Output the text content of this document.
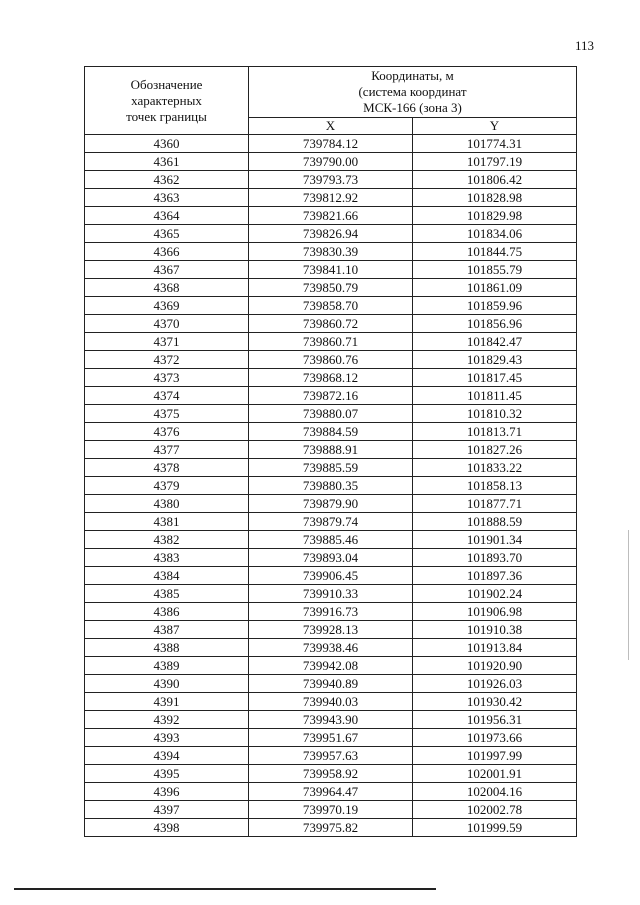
113
Обозначение
характерных
точек границы	Координаты, м
(система координат
МСК-166 (зона 3)	
	X	Y
4360	739784.12	101774.31
4361	739790.00	101797.19
4362	739793.73	101806.42
4363	739812.92	101828.98
4364	739821.66	101829.98
4365	739826.94	101834.06
4366	739830.39	101844.75
4367	739841.10	101855.79
4368	739850.79	101861.09
4369	739858.70	101859.96
4370	739860.72	101856.96
4371	739860.71	101842.47
4372	739860.76	101829.43
4373	739868.12	101817.45
4374	739872.16	101811.45
4375	739880.07	101810.32
4376	739884.59	101813.71
4377	739888.91	101827.26
4378	739885.59	101833.22
4379	739880.35	101858.13
4380	739879.90	101877.71
4381	739879.74	101888.59
4382	739885.46	101901.34
4383	739893.04	101893.70
4384	739906.45	101897.36
4385	739910.33	101902.24
4386	739916.73	101906.98
4387	739928.13	101910.38
4388	739938.46	101913.84
4389	739942.08	101920.90
4390	739940.89	101926.03
4391	739940.03	101930.42
4392	739943.90	101956.31
4393	739951.67	101973.66
4394	739957.63	101997.99
4395	739958.92	102001.91
4396	739964.47	102004.16
4397	739970.19	102002.78
4398	739975.82	101999.59
